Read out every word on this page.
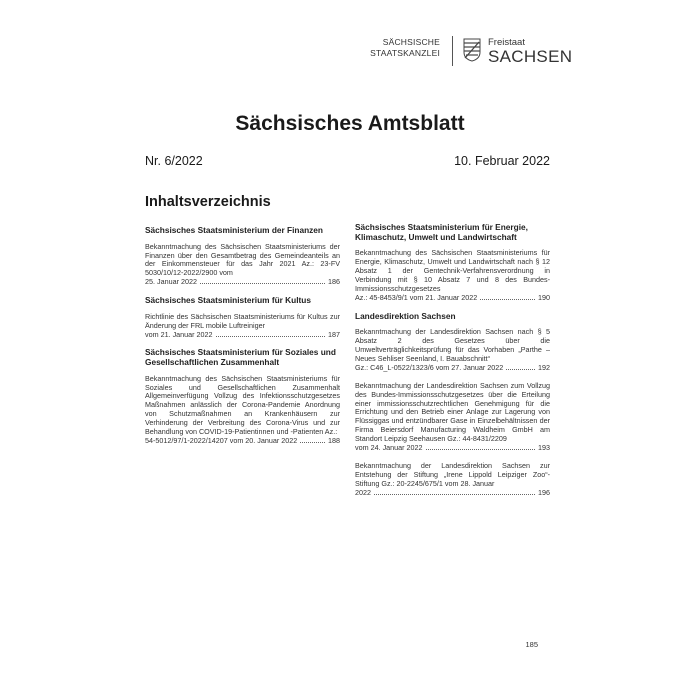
SÄCHSISCHE
STAATSKANZLEI
Freistaat
SACHSEN
Sächsisches Amtsblatt
Nr. 6/2022	10. Februar 2022
Inhaltsverzeichnis
Sächsisches Staatsministerium der Finanzen
Bekanntmachung des Sächsischen Staatsministeriums der Finanzen über den Gesamtbetrag des Gemeindeanteils an der Einkommensteuer für das Jahr 2021 Az.: 23-FV 5030/10/12-2022/2900 vom
25. Januar 2022	186
Sächsisches Staatsministerium für Kultus
Richtlinie des Sächsischen Staatsministeriums für Kultus zur Änderung der FRL mobile Luftreiniger
vom 21. Januar 2022	187
Sächsisches Staatsministerium für Soziales und Gesellschaftlichen Zusammenhalt
Bekanntmachung des Sächsischen Staatsministeriums für Soziales und Gesellschaftlichen Zusammenhalt Allgemeinverfügung Vollzug des Infektionsschutzgesetzes Maßnahmen anlässlich der Corona-Pandemie Anordnung von Schutzmaßnahmen an Krankenhäusern zur Verhinderung der Verbreitung des Corona-Virus und zur Behandlung von COVID-19-Patientinnen und -Patienten Az.:
54-5012/97/1-2022/14207 vom 20. Januar 2022	188
Sächsisches Staatsministerium für Energie, Klimaschutz, Umwelt und Landwirtschaft
Bekanntmachung des Sächsischen Staatsministeriums für Energie, Klimaschutz, Umwelt und Landwirtschaft nach § 12 Absatz 1 der Gentechnik-Verfahrensverordnung in Verbindung mit § 10 Absatz 7 und 8 des Bundes-Immissionsschutzgesetzes
Az.: 45-8453/9/1 vom 21. Januar 2022	190
Landesdirektion Sachsen
Bekanntmachung der Landesdirektion Sachsen nach § 5 Absatz 2 des Gesetzes über die Umweltverträglichkeitsprüfung für das Vorhaben „Parthe – Neues Sehliser Seenland, I. Bauabschnitt“
Gz.: C46_L-0522/1323/6 vom 27. Januar 2022	192
Bekanntmachung der Landesdirektion Sachsen zum Vollzug des Bundes-Immissionsschutzgesetzes über die Erteilung einer immissionsschutzrechtlichen Genehmigung für die Errichtung und den Betrieb einer Anlage zur Lagerung von Flüssiggas und entzündbarer Gase in Einzelbehältnissen der Firma Beiersdorf Manufacturing Waldheim GmbH am Standort Leipzig Seehausen Gz.: 44-8431/2209
vom 24. Januar 2022	193
Bekanntmachung der Landesdirektion Sachsen zur Entstehung der Stiftung „Irene Lippold Leipziger Zoo“-Stiftung Gz.: 20-2245/675/1 vom 28. Januar
2022	196
185
